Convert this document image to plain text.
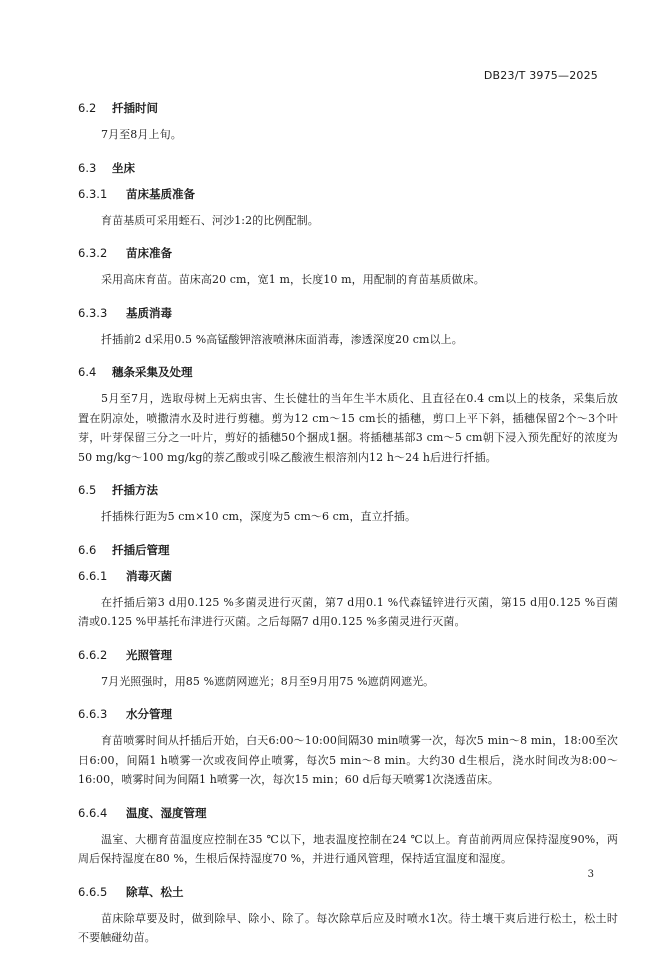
DB23/T 3975—2025
6.2 扦插时间

7月至8月上旬。

6.3 坐床
6.3.1 苗床基质准备

育苗基质可采用蛭石、河沙1:2的比例配制。

6.3.2 苗床准备

采用高床育苗。苗床高20 cm，宽1 m，长度10 m，用配制的育苗基质做床。

6.3.3 基质消毒

扦插前2 d采用0.5 %高锰酸钾溶液喷淋床面消毒，渗透深度20 cm以上。

6.4 穗条采集及处理

5月至7月，选取母树上无病虫害、生长健壮的当年生半木质化、且直径在0.4 cm以上的枝条，采集后放置在阴凉处，喷撒清水及时进行剪穗。剪为12 cm～15 cm长的插穗，剪口上平下斜，插穗保留2个～3个叶芽，叶芽保留三分之一叶片，剪好的插穗50个捆成1捆。将插穗基部3 cm～5 cm朝下浸入预先配好的浓度为50 mg/kg～100 mg/kg的萘乙酸或引哚乙酸液生根溶剂内12 h～24 h后进行扦插。

6.5 扦插方法

扦插株行距为5 cm×10 cm，深度为5 cm～6 cm，直立扦插。

6.6 扦插后管理
6.6.1 消毒灭菌

在扦插后第3 d用0.125 %多菌灵进行灭菌，第7 d用0.1 %代森锰锌进行灭菌，第15 d用0.125 %百菌清或0.125 %甲基托布津进行灭菌。之后每隔7 d用0.125 %多菌灵进行灭菌。

6.6.2 光照管理

7月光照强时，用85 %遮荫网遮光；8月至9月用75 %遮荫网遮光。

6.6.3 水分管理

育苗喷雾时间从扦插后开始，白天6:00～10:00间隔30 min喷雾一次，每次5 min～8 min，18:00至次日6:00，间隔1 h喷雾一次或夜间停止喷雾，每次5 min～8 min。大约30 d生根后，浇水时间改为8:00～16:00，喷雾时间为间隔1 h喷雾一次，每次15 min；60 d后每天喷雾1次浇透苗床。

6.6.4 温度、湿度管理

温室、大棚育苗温度应控制在35 ℃以下，地表温度控制在24 ℃以上。育苗前两周应保持湿度90%，两周后保持湿度在80 %，生根后保持湿度70 %，并进行通风管理，保持适宜温度和湿度。

6.6.5 除草、松土

苗床除草要及时，做到除早、除小、除了。每次除草后应及时喷水1次。待土壤干爽后进行松土，松土时不要触碰幼苗。

3
